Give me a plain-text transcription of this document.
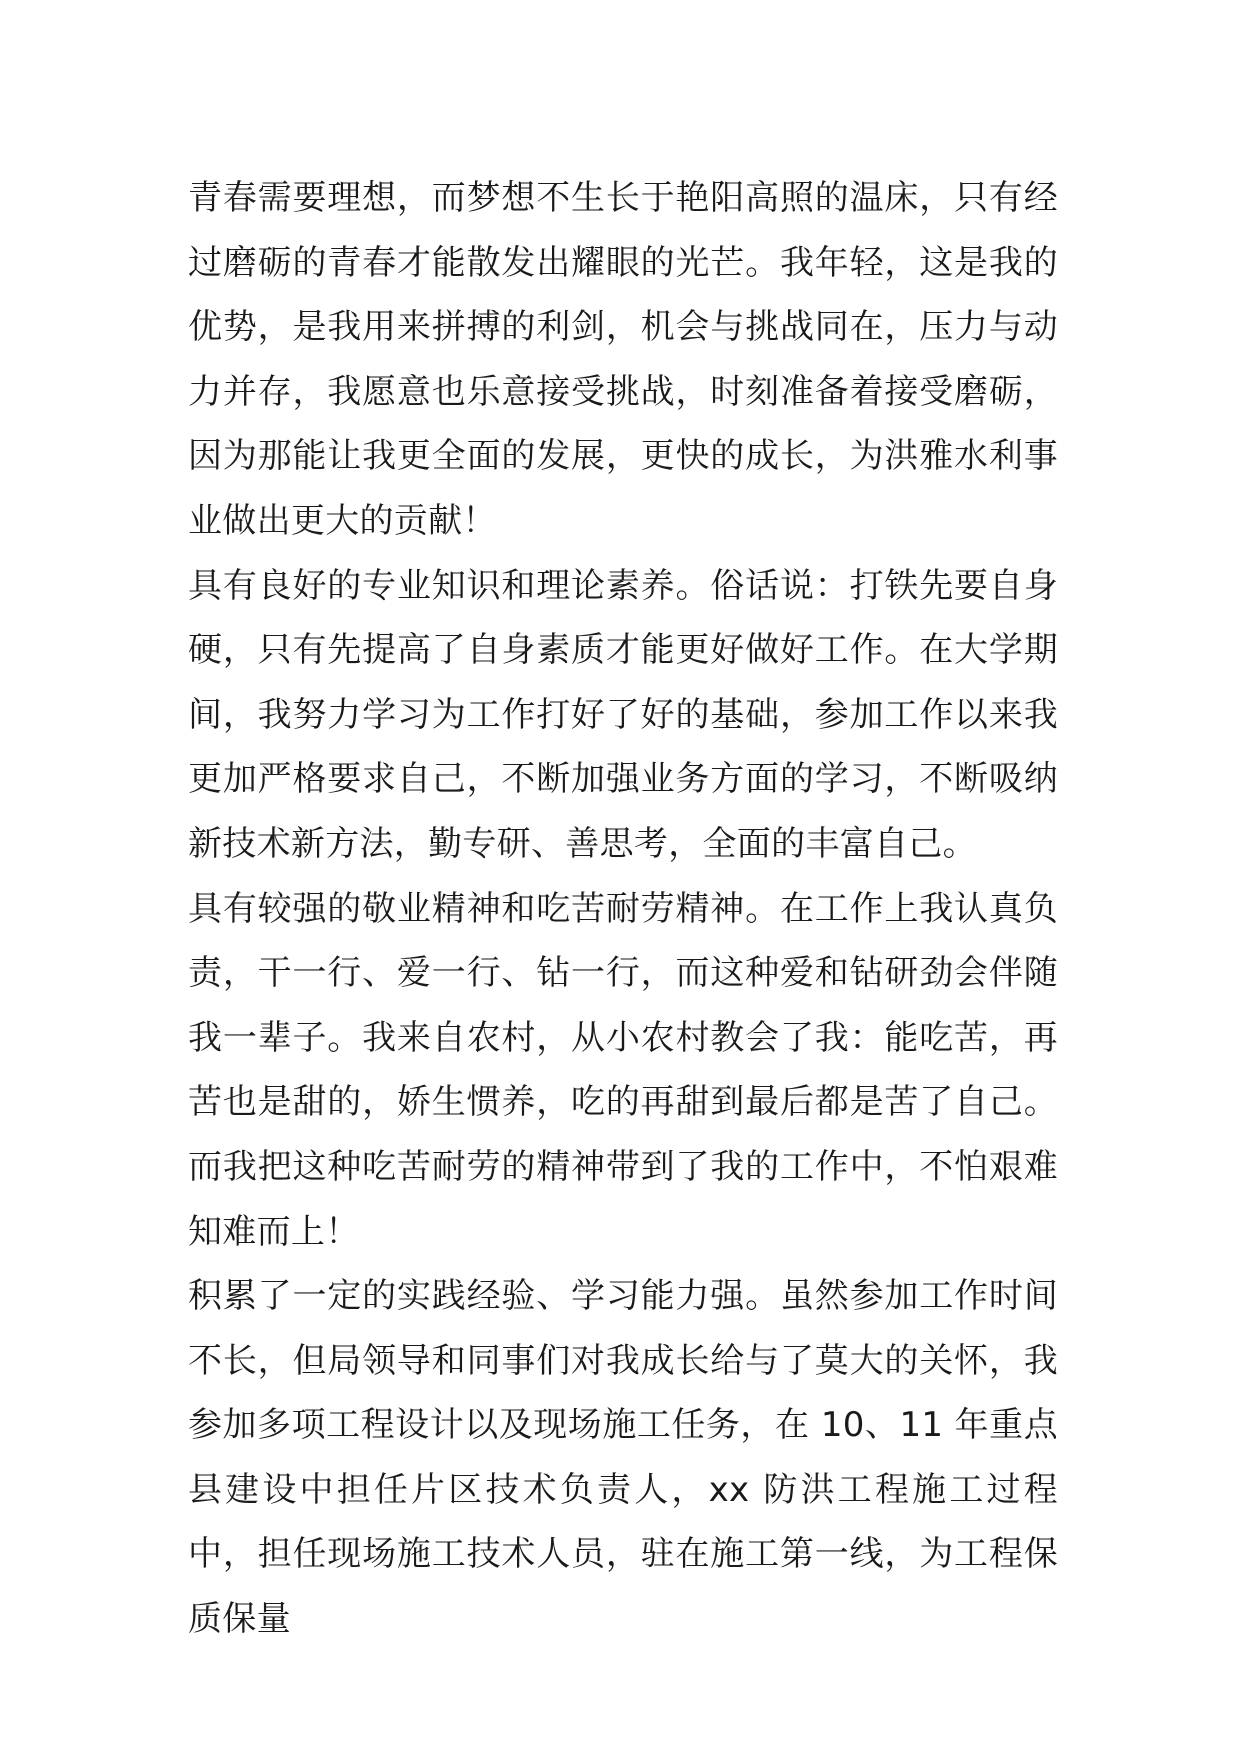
青春需要理想，而梦想不生长于艳阳高照的温床，只有经过磨砺的青春才能散发出耀眼的光芒。我年轻，这是我的优势，是我用来拼搏的利剑，机会与挑战同在，压力与动力并存，我愿意也乐意接受挑战，时刻准备着接受磨砺，因为那能让我更全面的发展，更快的成长，为洪雅水利事业做出更大的贡献！

具有良好的专业知识和理论素养。俗话说：打铁先要自身硬，只有先提高了自身素质才能更好做好工作。在大学期间，我努力学习为工作打好了好的基础，参加工作以来我更加严格要求自己，不断加强业务方面的学习，不断吸纳新技术新方法，勤专研、善思考，全面的丰富自己。

具有较强的敬业精神和吃苦耐劳精神。在工作上我认真负责，干一行、爱一行、钻一行，而这种爱和钻研劲会伴随我一辈子。我来自农村，从小农村教会了我：能吃苦，再苦也是甜的，娇生惯养，吃的再甜到最后都是苦了自己。而我把这种吃苦耐劳的精神带到了我的工作中，不怕艰难知难而上！

积累了一定的实践经验、学习能力强。虽然参加工作时间不长，但局领导和同事们对我成长给与了莫大的关怀，我参加多项工程设计以及现场施工任务，在 10、11 年重点县建设中担任片区技术负责人，xx 防洪工程施工过程中，担任现场施工技术人员，驻在施工第一线，为工程保质保量
